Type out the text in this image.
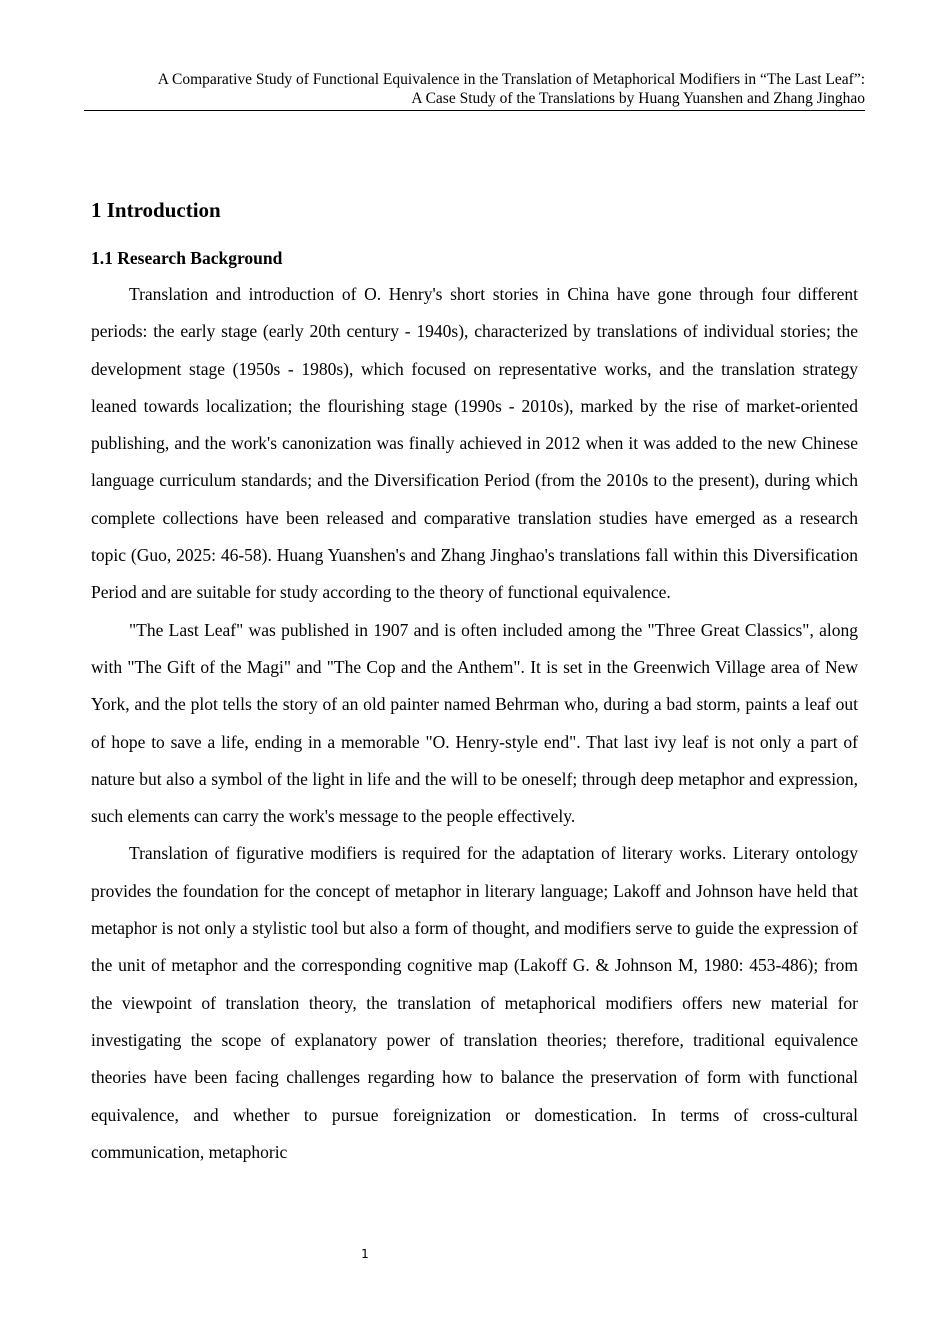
A Comparative Study of Functional Equivalence in the Translation of Metaphorical Modifiers in “The Last Leaf”:
A Case Study of the Translations by Huang Yuanshen and Zhang Jinghao
1 Introduction
1.1 Research Background

Translation and introduction of O. Henry's short stories in China have gone through four different periods: the early stage (early 20th century - 1940s), characterized by translations of individual stories; the development stage (1950s - 1980s), which focused on representative works, and the translation strategy leaned towards localization; the flourishing stage (1990s - 2010s), marked by the rise of market-oriented publishing, and the work's canonization was finally achieved in 2012 when it was added to the new Chinese language curriculum standards; and the Diversification Period (from the 2010s to the present), during which complete collections have been released and comparative translation studies have emerged as a research topic (Guo, 2025: 46-58). Huang Yuanshen's and Zhang Jinghao's translations fall within this Diversification Period and are suitable for study according to the theory of functional equivalence.

"The Last Leaf" was published in 1907 and is often included among the "Three Great Classics", along with "The Gift of the Magi" and "The Cop and the Anthem". It is set in the Greenwich Village area of New York, and the plot tells the story of an old painter named Behrman who, during a bad storm, paints a leaf out of hope to save a life, ending in a memorable "O. Henry-style end". That last ivy leaf is not only a part of nature but also a symbol of the light in life and the will to be oneself; through deep metaphor and expression, such elements can carry the work's message to the people effectively.

Translation of figurative modifiers is required for the adaptation of literary works. Literary ontology provides the foundation for the concept of metaphor in literary language; Lakoff and Johnson have held that metaphor is not only a stylistic tool but also a form of thought, and modifiers serve to guide the expression of the unit of metaphor and the corresponding cognitive map (Lakoff G. & Johnson M, 1980: 453-486); from the viewpoint of translation theory, the translation of metaphorical modifiers offers new material for investigating the scope of explanatory power of translation theories; therefore, traditional equivalence theories have been facing challenges regarding how to balance the preservation of form with functional equivalence, and whether to pursue foreignization or domestication. In terms of cross-cultural communication, metaphoric

1
